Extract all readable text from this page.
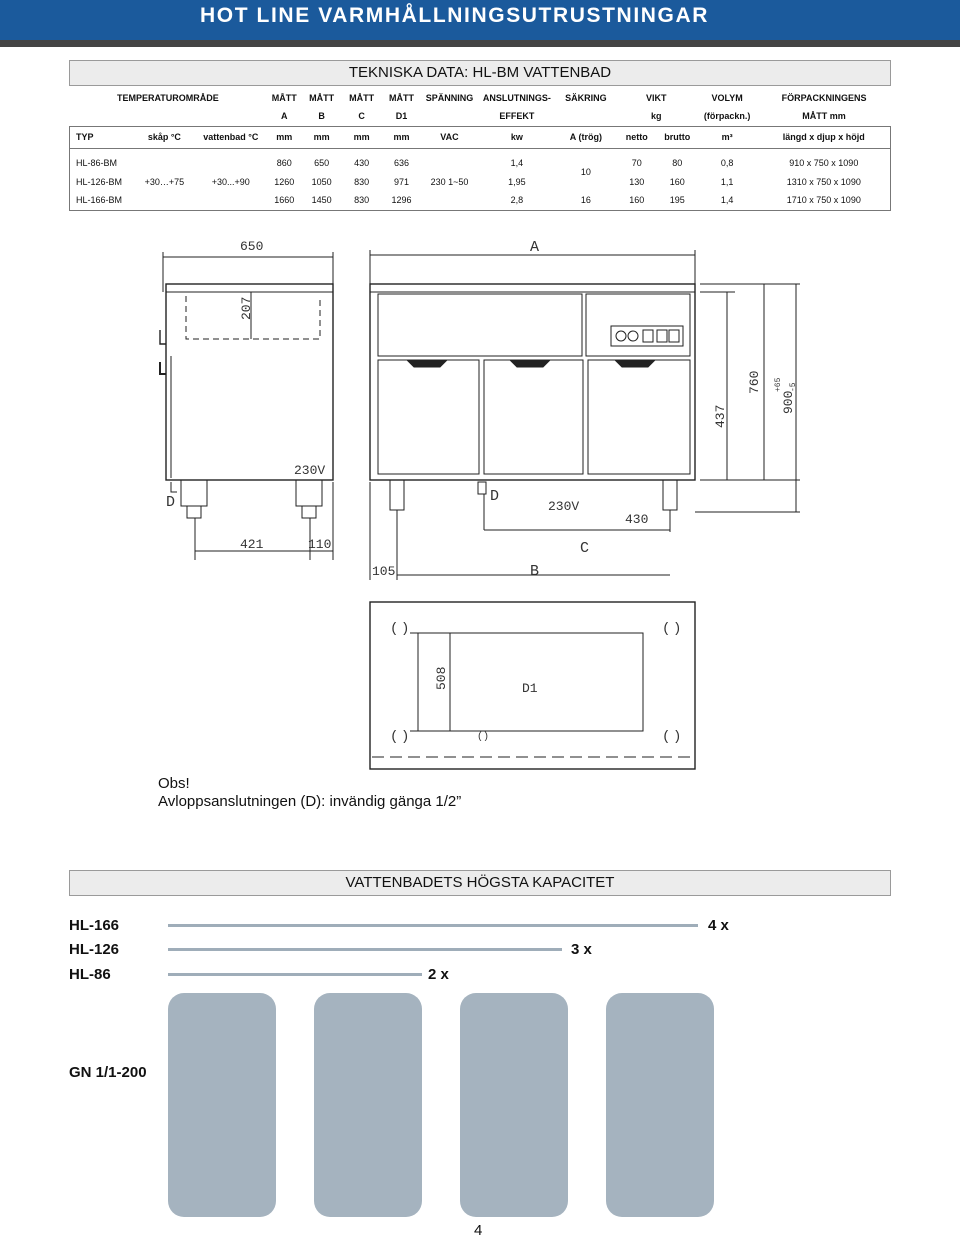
HOT LINE VARMHÅLLNINGSUTRUSTNINGAR
TEKNISKA DATA: HL-BM VATTENBAD
TEMPERATUROMRÅDE			MÅTT	MÅTT	MÅTT	MÅTT	SPÄNNING	ANSLUTNINGS-	SÄKRING	VIKT		VOLYM	FÖRPACKNINGENS
			A	B	C	D1		EFFEKT		kg		(förpackn.)	MÅTT mm
TYP	skåp °C	vattenbad °C	mm	mm	mm	mm	VAC	kw	A (trög)	netto	brutto	m³	längd x djup x höjd

HL-86-BM			860	650	430	636		1,4	10	70	80	0,8	910 x 750 x 1090
HL-126-BM	+30…+75	+30...+90	1260	1050	830	971	230 1~50	1,95		130	160	1,1	1310 x 750 x 1090
HL-166-BM			1660	1450	830	1296		2,8	16	160	195	1,4	1710 x 750 x 1090
650
207
230V
D
421	110
A
D
230V
430
C
105	B
437
760
900
+65 -5
( )	( )
( )	( )
()
508	D1
Obs!
Avloppsanslutningen (D): invändig gänga 1/2”
VATTENBADETS HÖGSTA KAPACITET
HL-166	4 x
HL-126	3 x
HL-86	2 x
GN 1/1-200
4
